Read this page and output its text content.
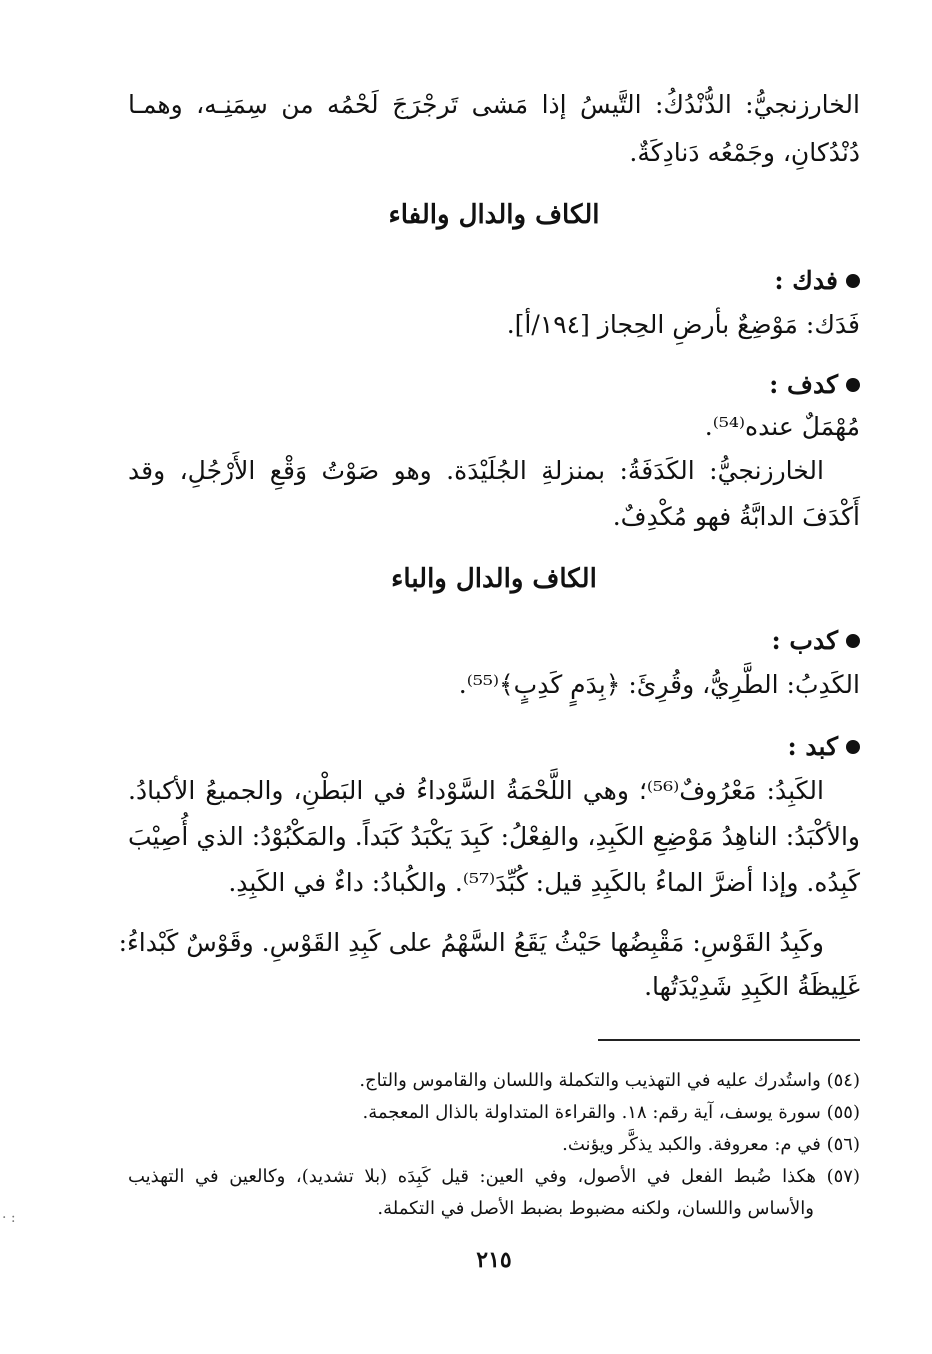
الخارزنجيُّ: الدُّنْدُكُ: التَّيسُ إذا مَشى تَرجْرَجَ لَحْمُه من سِمَنِـه، وهمـا
دُنْدُكانِ، وجَمْعُه دَنادِكَةٌ.
الكاف والدال والفاء
فدك :
فَدَك: مَوْضِعٌ بأرضِ الحِجاز [١٩٤/أ].
كدف :
مُهْمَلٌ عنده⁽⁵⁴⁾.
الخارزنجيُّ: الكَدَفَةُ: بمنزلةِ الجُلَيْدَة. وهو صَوْتُ وَقْعِ الأَرْجُلِ، وقد
أَكْدَفَ الدابَّةُ فهو مُكْدِفٌ.
الكاف والدال والباء
كدب :
الكَدِبُ: الطَّرِيُّ، وقُرِئَ: ﴿بِدَمٍ كَدِبٍ﴾⁽⁵⁵⁾.
كبد :
الكَبِدُ: مَعْرُوفٌ⁽⁵⁶⁾؛ وهي اللَّحْمَةُ السَّوْداءُ في البَطْنِ، والجميعُ الأكبادُ.
والأكْبَدُ: الناهِدُ مَوْضِعِ الكَبِدِ، والفِعْلُ: كَبِدَ يَكْبَدُ كَبَداً. والمَكْبُوْدُ: الذي أُصِيْبَ
كَبِدُه. وإذا أضرَّ الماءُ بالكَبِدِ قيل: كُبِّدَ⁽⁵⁷⁾. والكُبادُ: داءٌ في الكَبِدِ.
وكَبِدُ القَوْسِ: مَقْبِضُها حَيْثُ يَقَعُ السَّهْمُ على كَبِدِ القَوْسِ. وقَوْسٌ كَبْداءُ:
غَلِيظَةُ الكَبِدِ شَدِيْدَتُها.
(٥٤) واستُدرك عليه في التهذيب والتكملة واللسان والقاموس والتاج.
(٥٥) سورة يوسف، آية رقم: ١٨. والقراءة المتداولة بالذال المعجمة.
(٥٦) في م: معروفة. والكبد يذكَّر ويؤنث.
(٥٧) هكذا ضُبط الفعل في الأصول، وفي العين: قيل كَبِدَه (بلا تشديد)، وكالعين في التهذيب
والأساس واللسان، ولكنه مضبوط بضبط الأصل في التكملة.
٢١٥
: ·
